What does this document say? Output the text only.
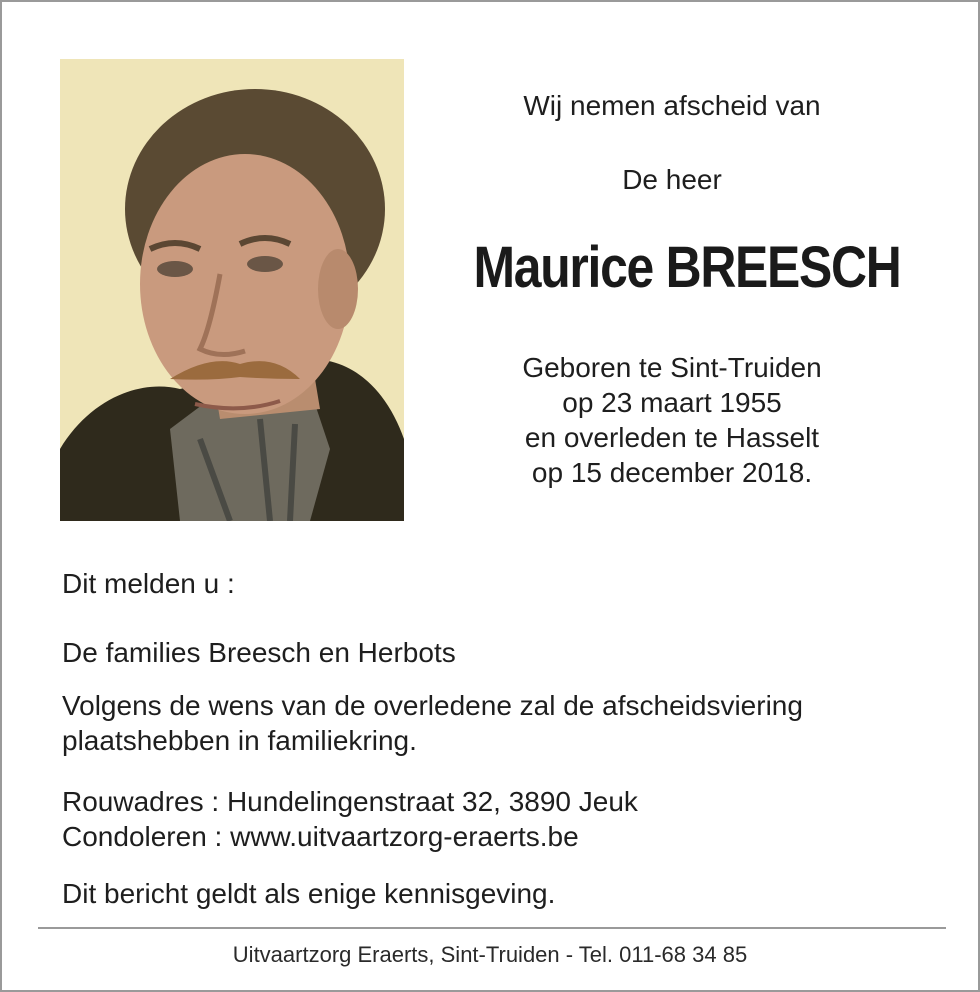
Wij nemen afscheid van
De heer
Maurice BREESCH
Geboren te Sint-Truiden
op 23 maart 1955
en overleden te Hasselt
op 15 december 2018.
Dit melden u :
De families Breesch en Herbots
Volgens de wens van de overledene zal de afscheidsviering
plaatshebben in familiekring.
Rouwadres : Hundelingenstraat 32, 3890 Jeuk
Condoleren : www.uitvaartzorg-eraerts.be
Dit bericht geldt als enige kennisgeving.
Uitvaartzorg Eraerts, Sint-Truiden - Tel. 011-68 34 85
